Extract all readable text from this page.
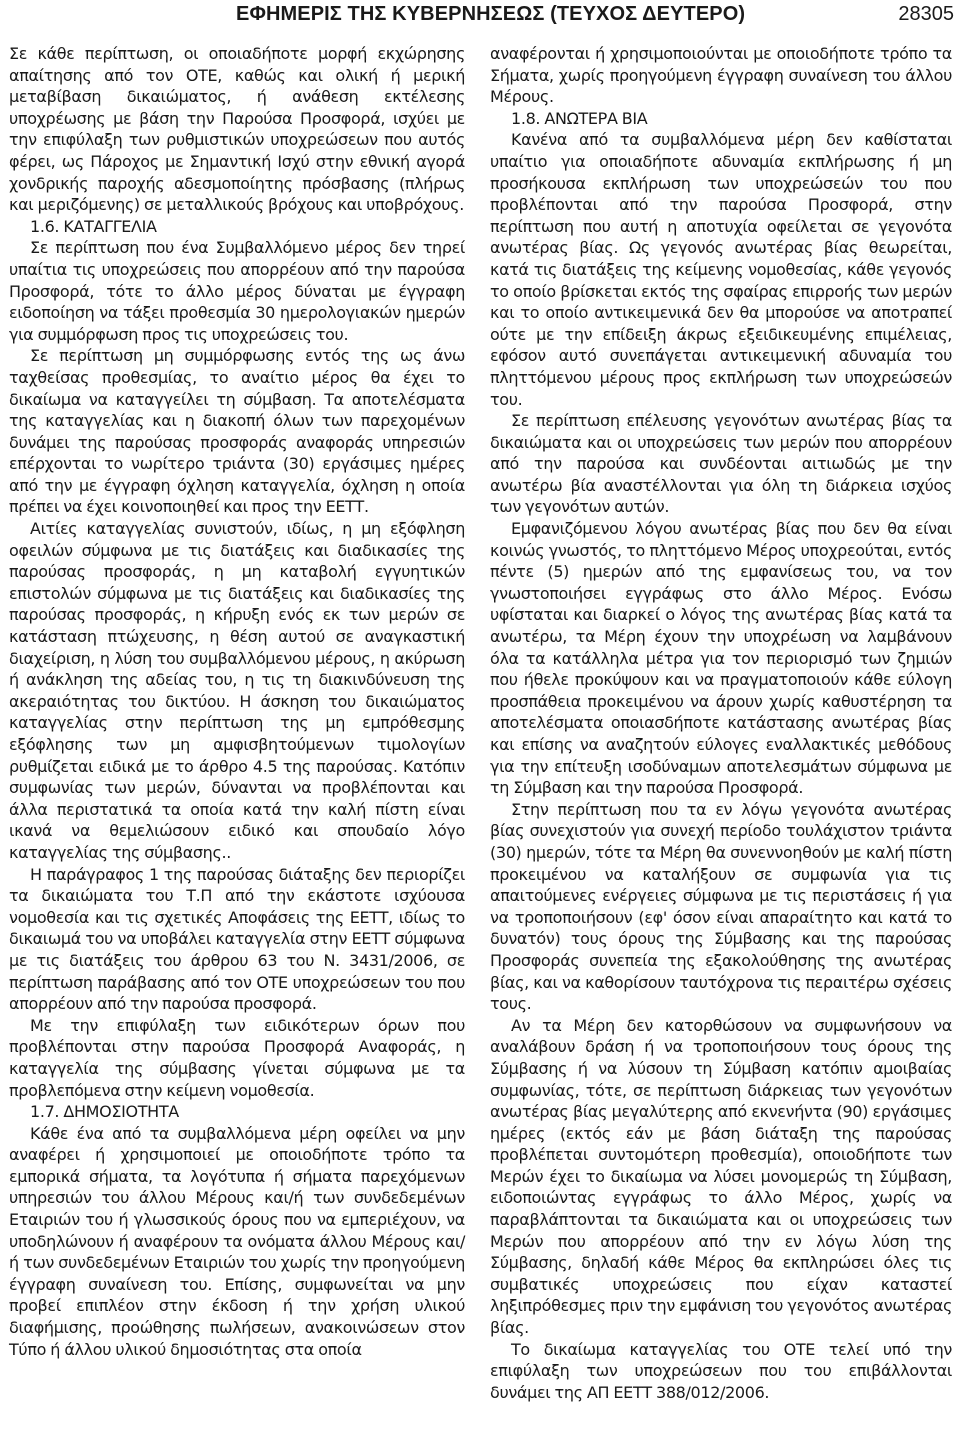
ΕΦΗΜΕΡΙΣ ΤΗΣ ΚΥΒΕΡΝΗΣΕΩΣ (ΤΕΥΧΟΣ ΔΕΥΤΕΡΟ)	28305

Σε κάθε περίπτωση, οι οποιαδήποτε μορφή εκχώρησης απαίτησης από τον ΟΤΕ, καθώς και ολική ή μερική μεταβίβαση δικαιώματος, ή ανάθεση εκτέλεσης υποχρέωσης με βάση την Παρούσα Προσφορά, ισχύει με την επιφύλαξη των ρυθμιστικών υποχρεώσεων που αυτός φέρει, ως Πάροχος με Σημαντική Ισχύ στην εθνική αγορά χονδρικής παροχής αδεσμοποίητης πρόσβασης (πλήρως και μεριζόμενης) σε μεταλλικούς βρόχους και υποβρόχους.

1.6. ΚΑΤΑΓΓΕΛΙΑ

Σε περίπτωση που ένα Συμβαλλόμενο μέρος δεν τηρεί υπαίτια τις υποχρεώσεις που απορρέουν από την παρούσα Προσφορά, τότε το άλλο μέρος δύναται με έγγραφη ειδοποίηση να τάξει προθεσμία 30 ημερολογιακών ημερών για συμμόρφωση προς τις υποχρεώσεις του.

Σε περίπτωση μη συμμόρφωσης εντός της ως άνω ταχθείσας προθεσμίας, το αναίτιο μέρος θα έχει το δικαίωμα να καταγγείλει τη σύμβαση. Τα αποτελέσματα της καταγγελίας και η διακοπή όλων των παρεχομένων δυνάμει της παρούσας προσφοράς αναφοράς υπηρεσιών επέρχονται το νωρίτερο τριάντα (30) εργάσιμες ημέρες από την με έγγραφη όχληση καταγγελία, όχληση η οποία πρέπει να έχει κοινοποιηθεί και προς την ΕΕΤΤ.

Αιτίες καταγγελίας συνιστούν, ιδίως, η μη εξόφληση οφειλών σύμφωνα με τις διατάξεις και διαδικασίες της παρούσας προσφοράς, η μη καταβολή εγγυητικών επιστολών σύμφωνα με τις διατάξεις και διαδικασίες της παρούσας προσφοράς, η κήρυξη ενός εκ των μερών σε κατάσταση πτώχευσης, η θέση αυτού σε αναγκαστική διαχείριση, η λύση του συμβαλλόμενου μέρους, η ακύρωση ή ανάκληση της αδείας του, η τις τη διακινδύνευση της ακεραιότητας του δικτύου. Η άσκηση του δικαιώματος καταγγελίας στην περίπτωση της μη εμπρόθεσμης εξόφλησης των μη αμφισβητούμενων τιμολογίων ρυθμίζεται ειδικά με το άρθρο 4.5 της παρούσας. Κατόπιν συμφωνίας των μερών, δύνανται να προβλέπονται και άλλα περιστατικά τα οποία κατά την καλή πίστη είναι ικανά να θεμελιώσουν ειδικό και σπουδαίο λόγο καταγγελίας της σύμβασης..

Η παράγραφος 1 της παρούσας διάταξης δεν περιορίζει τα δικαιώματα του Τ.Π από την εκάστοτε ισχύουσα νομοθεσία και τις σχετικές Αποφάσεις της ΕΕΤΤ, ιδίως το δικαιωμά του να υποβάλει καταγγελία στην ΕΕΤΤ σύμφωνα με τις διατάξεις του άρθρου 63 του Ν. 3431/2006, σε περίπτωση παράβασης από τον ΟΤΕ υποχρεώσεων του που απορρέουν από την παρούσα προσφορά.

Με την επιφύλαξη των ειδικότερων όρων που προβλέπονται στην παρούσα Προσφορά Αναφοράς, η καταγγελία της σύμβασης γίνεται σύμφωνα με τα προβλεπόμενα στην κείμενη νομοθεσία.

1.7. ΔΗΜΟΣΙΟΤΗΤΑ

Κάθε ένα από τα συμβαλλόμενα μέρη οφείλει να μην αναφέρει ή χρησιμοποιεί με οποιοδήποτε τρόπο τα εμπορικά σήματα, τα λογότυπα ή σήματα παρεχόμενων υπηρεσιών του άλλου Μέρους και/ή των συνδεδεμένων Εταιριών του ή γλωσσικούς όρους που να εμπεριέχουν, να υποδηλώνουν ή αναφέρουν τα ονόματα άλλου Μέρους και/ή των συνδεδεμένων Εταιριών του χωρίς την προηγούμενη έγγραφη συναίνεση του. Επίσης, συμφωνείται να μην προβεί επιπλέον στην έκδοση ή την χρήση υλικού διαφήμισης, προώθησης πωλήσεων, ανακοινώσεων στον Τύπο ή άλλου υλικού δημοσιότητας στα οποία

αναφέρονται ή χρησιμοποιούνται με οποιοδήποτε τρόπο τα Σήματα, χωρίς προηγούμενη έγγραφη συναίνεση του άλλου Μέρους.

1.8. ΑΝΩΤΕΡΑ ΒΙΑ

Κανένα από τα συμβαλλόμενα μέρη δεν καθίσταται υπαίτιο για οποιαδήποτε αδυναμία εκπλήρωσης ή μη προσήκουσα εκπλήρωση των υποχρεώσεών του που προβλέπονται από την παρούσα Προσφορά, στην περίπτωση που αυτή η αποτυχία οφείλεται σε γεγονότα ανωτέρας βίας. Ως γεγονός ανωτέρας βίας θεωρείται, κατά τις διατάξεις της κείμενης νομοθεσίας, κάθε γεγονός το οποίο βρίσκεται εκτός της σφαίρας επιρροής των μερών και το οποίο αντικειμενικά δεν θα μπορούσε να αποτραπεί ούτε με την επίδειξη άκρως εξειδικευμένης επιμέλειας, εφόσον αυτό συνεπάγεται αντικειμενική αδυναμία του πληττόμενου μέρους προς εκπλήρωση των υποχρεώσεών του.

Σε περίπτωση επέλευσης γεγονότων ανωτέρας βίας τα δικαιώματα και οι υποχρεώσεις των μερών που απορρέουν από την παρούσα και συνδέονται αιτιωδώς με την ανωτέρω βία αναστέλλονται για όλη τη διάρκεια ισχύος των γεγονότων αυτών.

Εμφανιζόμενου λόγου ανωτέρας βίας που δεν θα είναι κοινώς γνωστός, το πληττόμενο Μέρος υποχρεούται, εντός πέντε (5) ημερών από της εμφανίσεως του, να τον γνωστοποιήσει εγγράφως στο άλλο Μέρος. Ενόσω υφίσταται και διαρκεί ο λόγος της ανωτέρας βίας κατά τα ανωτέρω, τα Μέρη έχουν την υποχρέωση να λαμβάνουν όλα τα κατάλληλα μέτρα για τον περιορισμό των ζημιών που ήθελε προκύψουν και να πραγματοποιούν κάθε εύλογη προσπάθεια προκειμένου να άρουν χωρίς καθυστέρηση τα αποτελέσματα οποιασδήποτε κατάστασης ανωτέρας βίας και επίσης να αναζητούν εύλογες εναλλακτικές μεθόδους για την επίτευξη ισοδύναμων αποτελεσμάτων σύμφωνα με τη Σύμβαση και την παρούσα Προσφορά.

Στην περίπτωση που τα εν λόγω γεγονότα ανωτέρας βίας συνεχιστούν για συνεχή περίοδο τουλάχιστον τριάντα (30) ημερών, τότε τα Μέρη θα συνεννοηθούν με καλή πίστη προκειμένου να καταλήξουν σε συμφωνία για τις απαιτούμενες ενέργειες σύμφωνα με τις περιστάσεις ή για να τροποποιήσουν (εφ' όσον είναι απαραίτητο και κατά το δυνατόν) τους όρους της Σύμβασης και της παρούσας Προσφοράς συνεπεία της εξακολούθησης της ανωτέρας βίας, και να καθορίσουν ταυτόχρονα τις περαιτέρω σχέσεις τους.

Αν τα Μέρη δεν κατορθώσουν να συμφωνήσουν να αναλάβουν δράση ή να τροποποιήσουν τους όρους της Σύμβασης ή να λύσουν τη Σύμβαση κατόπιν αμοιβαίας συμφωνίας, τότε, σε περίπτωση διάρκειας των γεγονότων ανωτέρας βίας μεγαλύτερης από εκνενήντα (90) εργάσιμες ημέρες (εκτός εάν με βάση διάταξη της παρούσας προβλέπεται συντομότερη προθεσμία), οποιοδήποτε των Μερών έχει το δικαίωμα να λύσει μονομερώς τη Σύμβαση, ειδοποιώντας εγγράφως το άλλο Μέρος, χωρίς να παραβλάπτονται τα δικαιώματα και οι υποχρεώσεις των Μερών που απορρέουν από την εν λόγω λύση της Σύμβασης, δηλαδή κάθε Μέρος θα εκπληρώσει όλες τις συμβατικές υποχρεώσεις που είχαν καταστεί ληξιπρόθεσμες πριν την εμφάνιση του γεγονότος ανωτέρας βίας.

Το δικαίωμα καταγγελίας του ΟΤΕ τελεί υπό την επιφύλαξη των υποχρεώσεων που του επιβάλλονται δυνάμει της ΑΠ ΕΕΤΤ 388/012/2006.
